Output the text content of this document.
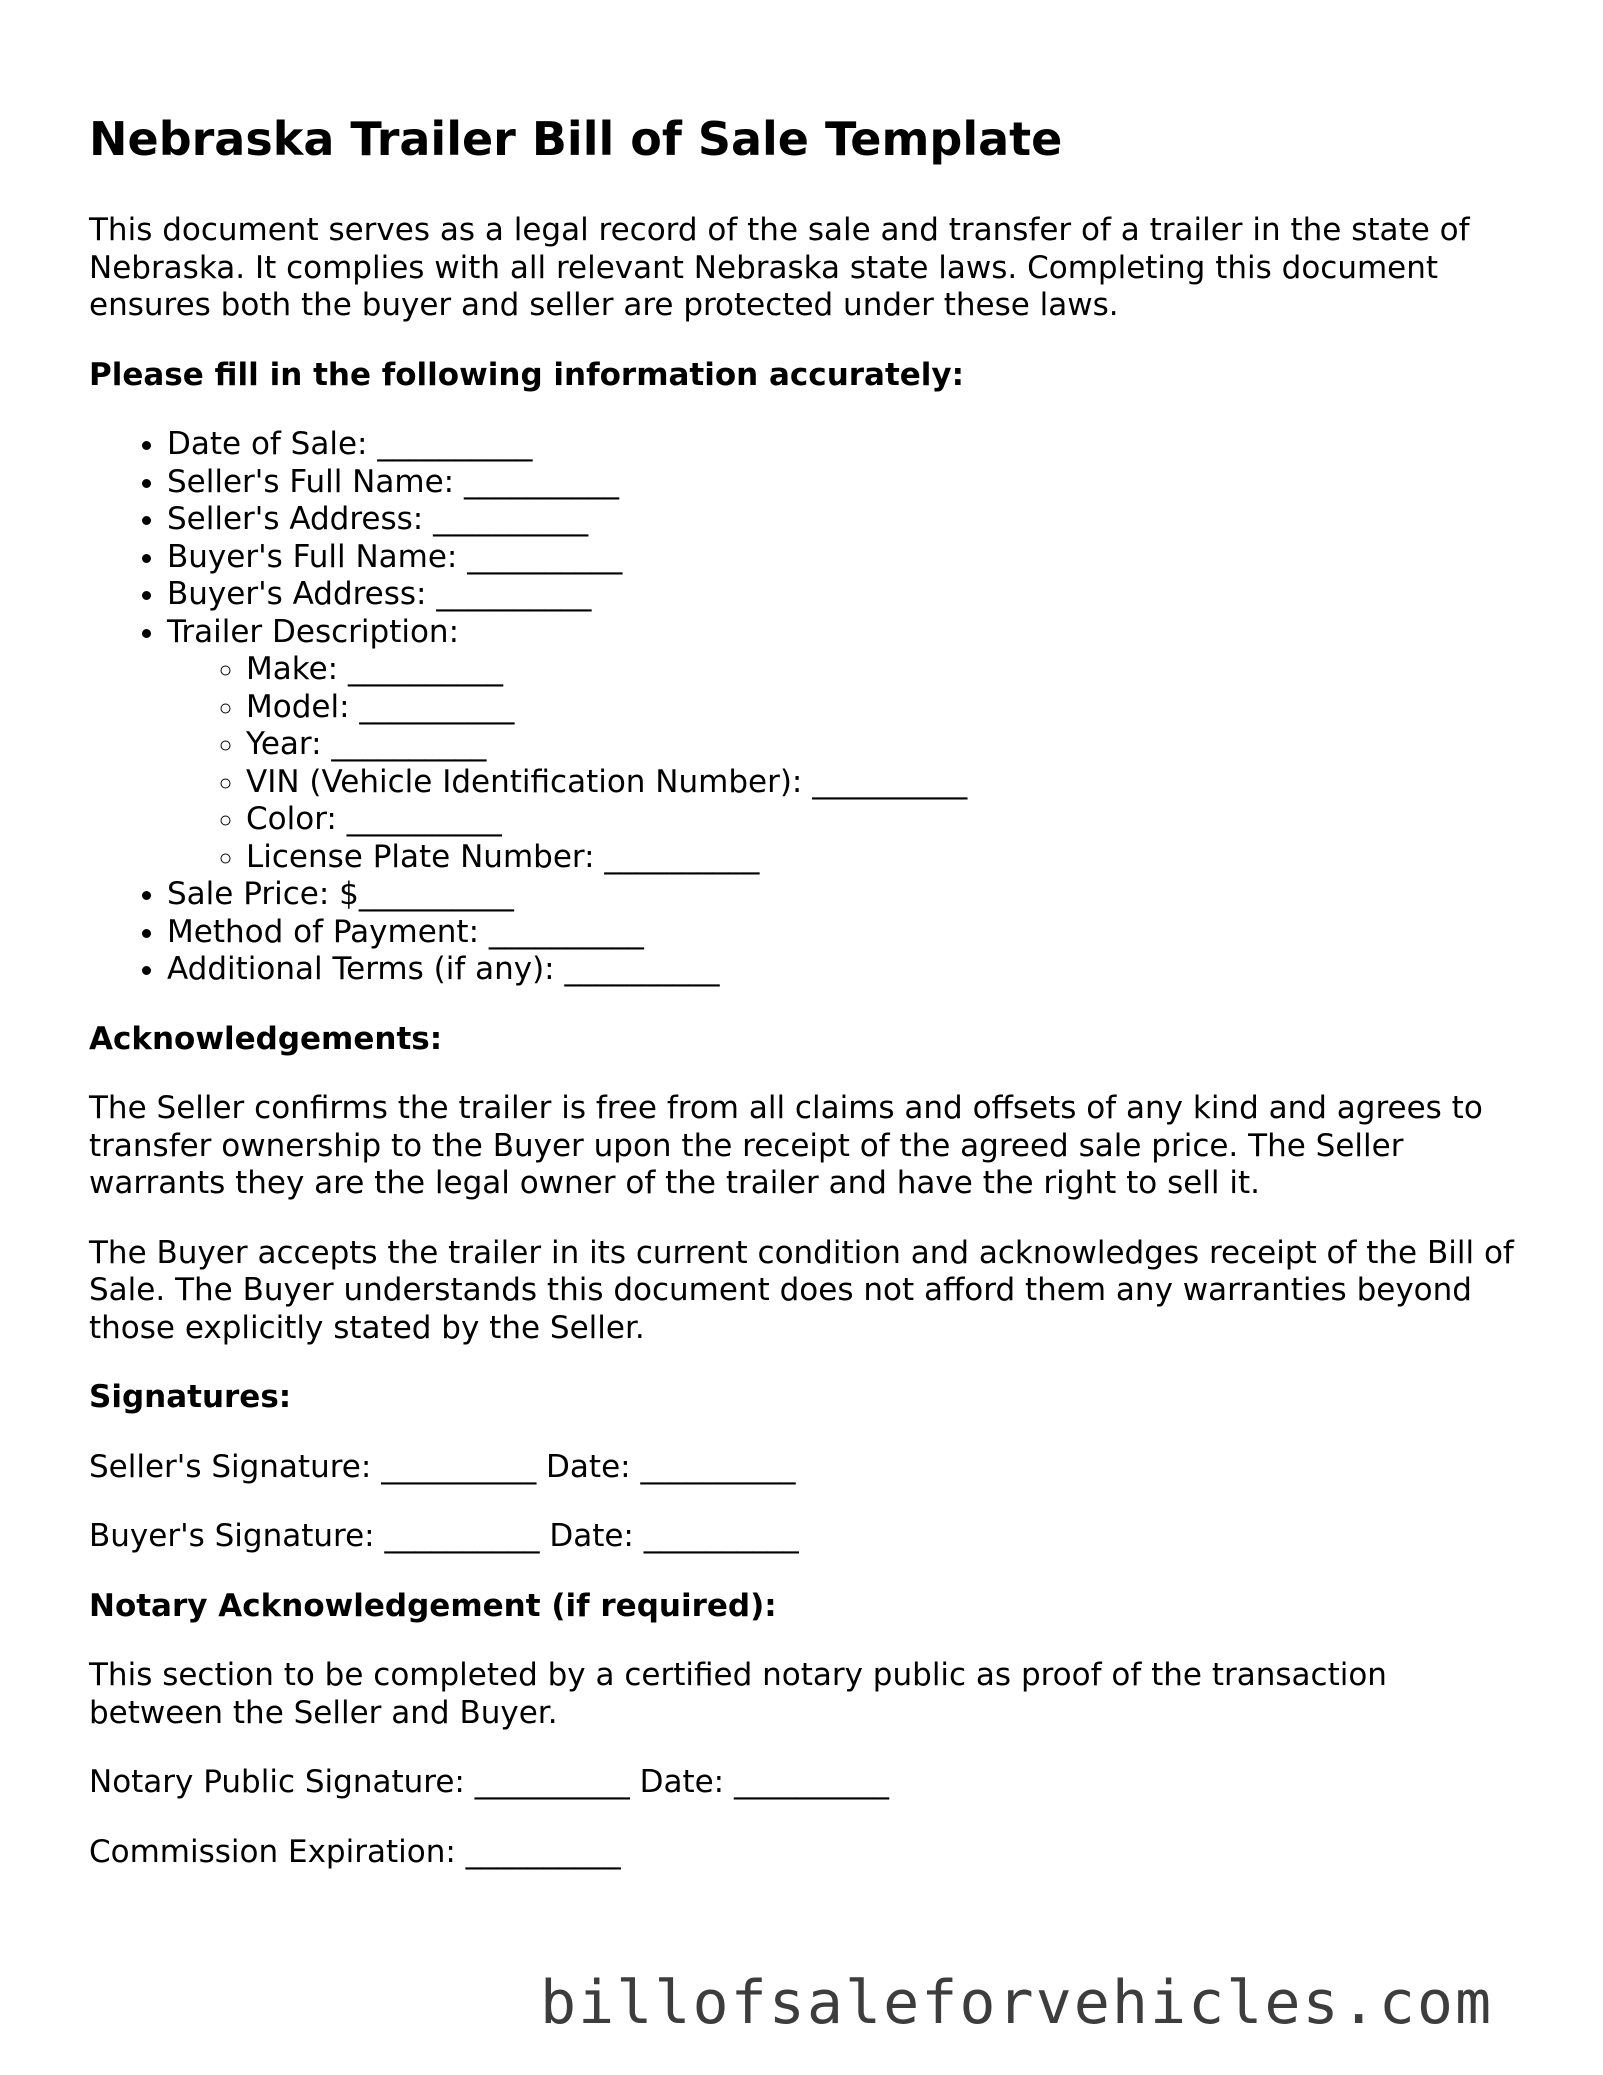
Nebraska Trailer Bill of Sale Template

This document serves as a legal record of the sale and transfer of a trailer in the state of Nebraska. It complies with all relevant Nebraska state laws. Completing this document ensures both the buyer and seller are protected under these laws.

Please fill in the following information accurately:

• Date of Sale: __________
• Seller's Full Name: __________
• Seller's Address: __________
• Buyer's Full Name: __________
• Buyer's Address: __________
• Trailer Description:
◦ Make: __________
◦ Model: __________
◦ Year: __________
◦ VIN (Vehicle Identification Number): __________
◦ Color: __________
◦ License Plate Number: __________
• Sale Price: $__________
• Method of Payment: __________
• Additional Terms (if any): __________

Acknowledgements:

The Seller confirms the trailer is free from all claims and offsets of any kind and agrees to transfer ownership to the Buyer upon the receipt of the agreed sale price. The Seller warrants they are the legal owner of the trailer and have the right to sell it.

The Buyer accepts the trailer in its current condition and acknowledges receipt of the Bill of Sale. The Buyer understands this document does not afford them any warranties beyond those explicitly stated by the Seller.

Signatures:

Seller's Signature: __________ Date: __________

Buyer's Signature: __________ Date: __________

Notary Acknowledgement (if required):

This section to be completed by a certified notary public as proof of the transaction between the Seller and Buyer.

Notary Public Signature: __________ Date: __________

Commission Expiration: __________

billofsaleforvehicles.com
